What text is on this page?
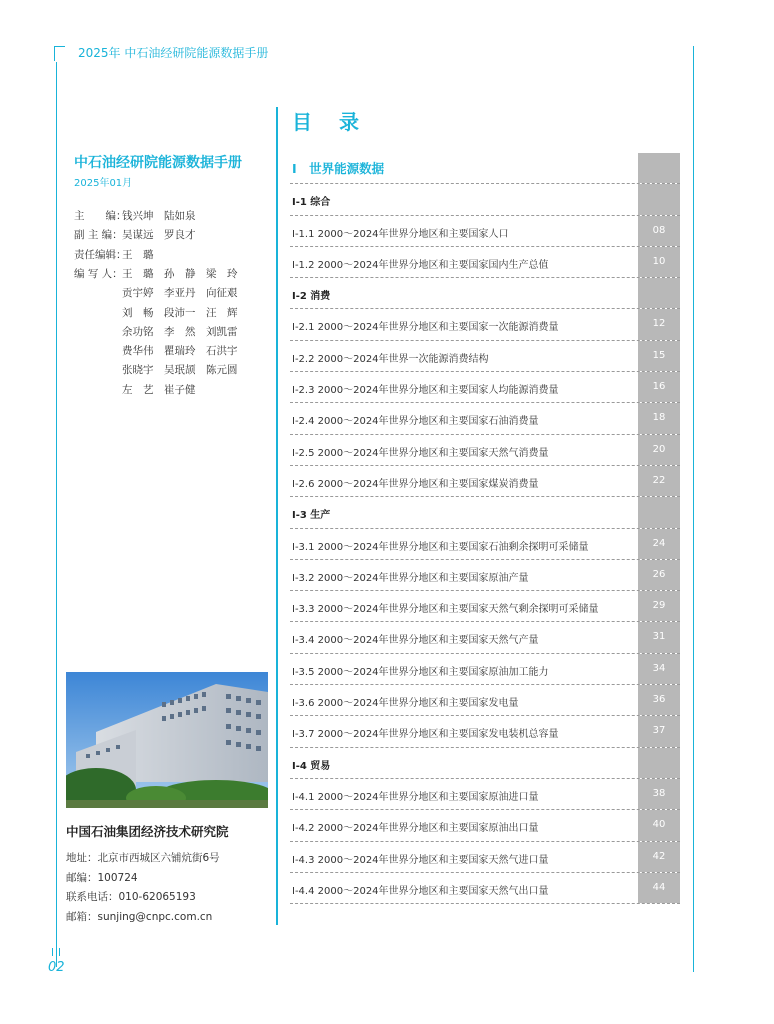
2025年 中石油经研院能源数据手册
02
中石油经研院能源数据手册
2025年01月
主　　编：钱兴坤　陆如泉
副 主 编：吴谋远　罗良才
责任编辑：王　璐
编 写 人：王　璐　孙　静　梁　玲
贡宇婷　李亚丹　向征艰
刘　畅　段沛一　汪　辉
余功铭　李　然　刘凯雷
费华伟　瞿瑞玲　石洪宇
张晓宇　吴珉颉　陈元圆
左　艺　崔子健
中国石油集团经济技术研究院
地址：北京市西城区六铺炕街6号
邮编：100724
联系电话：010-62065193
邮箱：sunjing@cnpc.com.cn
目 录
I　世界能源数据
I-1 综合
I-1.1 2000～2024年世界分地区和主要国家人口	08
I-1.2 2000～2024年世界分地区和主要国家国内生产总值	10
I-2 消费
I-2.1 2000～2024年世界分地区和主要国家一次能源消费量	12
I-2.2 2000～2024年世界一次能源消费结构	15
I-2.3 2000～2024年世界分地区和主要国家人均能源消费量	16
I-2.4 2000～2024年世界分地区和主要国家石油消费量	18
I-2.5 2000～2024年世界分地区和主要国家天然气消费量	20
I-2.6 2000～2024年世界分地区和主要国家煤炭消费量	22
I-3 生产
I-3.1 2000～2024年世界分地区和主要国家石油剩余探明可采储量	24
I-3.2 2000～2024年世界分地区和主要国家原油产量	26
I-3.3 2000～2024年世界分地区和主要国家天然气剩余探明可采储量	29
I-3.4 2000～2024年世界分地区和主要国家天然气产量	31
I-3.5 2000～2024年世界分地区和主要国家原油加工能力	34
I-3.6 2000～2024年世界分地区和主要国家发电量	36
I-3.7 2000～2024年世界分地区和主要国家发电装机总容量	37
I-4 贸易
I-4.1 2000～2024年世界分地区和主要国家原油进口量	38
I-4.2 2000～2024年世界分地区和主要国家原油出口量	40
I-4.3 2000～2024年世界分地区和主要国家天然气进口量	42
I-4.4 2000～2024年世界分地区和主要国家天然气出口量	44
